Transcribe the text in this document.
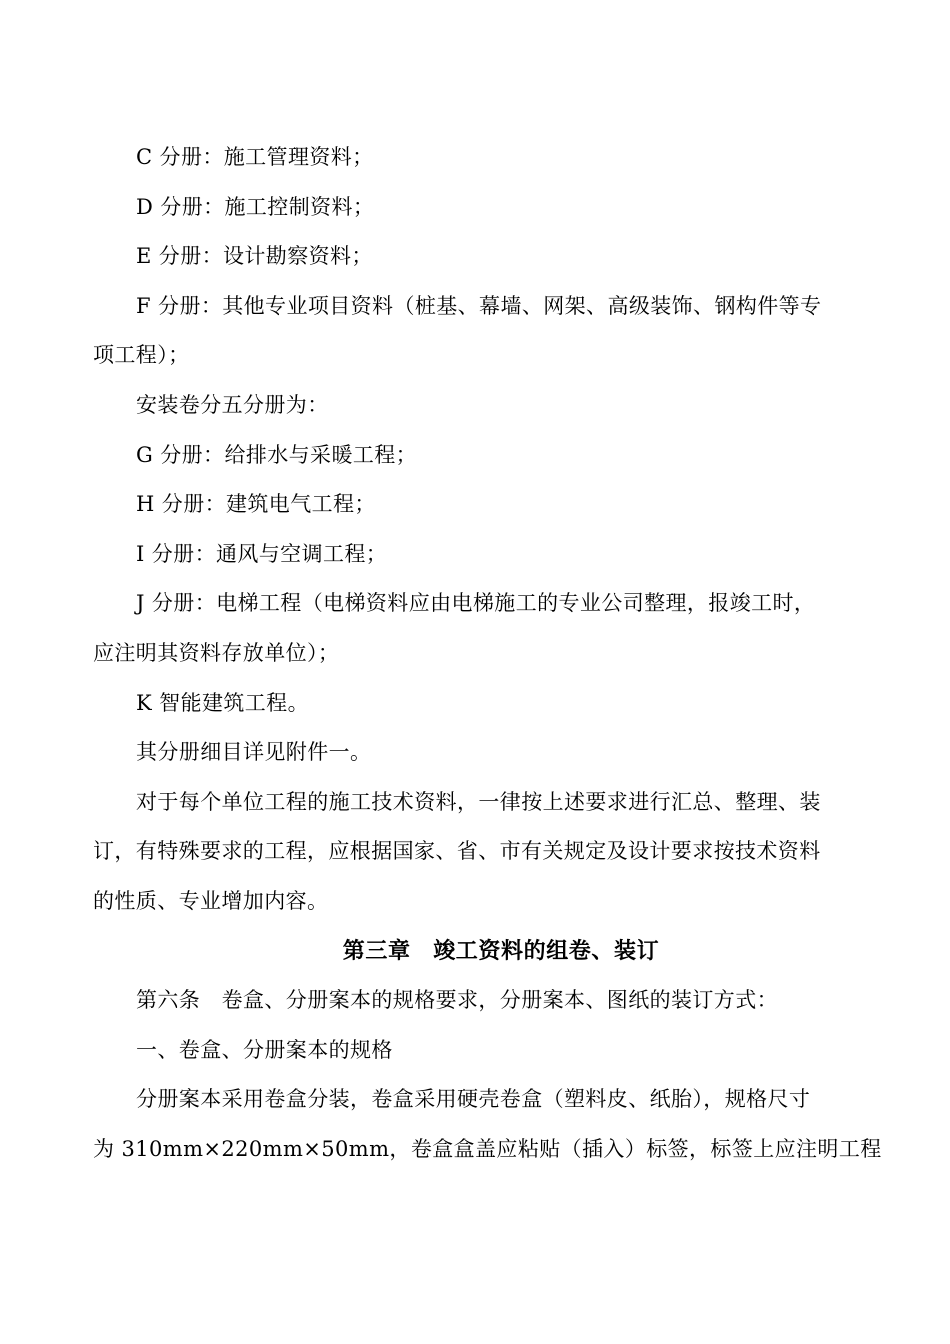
C 分册：施工管理资料；

D 分册：施工控制资料；

E 分册：设计勘察资料；

F 分册：其他专业项目资料（桩基、幕墙、网架、高级装饰、钢构件等专

项工程）；

安装卷分五分册为：

G 分册：给排水与采暖工程；

H 分册：建筑电气工程；

I 分册：通风与空调工程；

J 分册：电梯工程（电梯资料应由电梯施工的专业公司整理，报竣工时，

应注明其资料存放单位）；

K 智能建筑工程。

其分册细目详见附件一。

对于每个单位工程的施工技术资料，一律按上述要求进行汇总、整理、装

订，有特殊要求的工程，应根据国家、省、市有关规定及设计要求按技术资料

的性质、专业增加内容。

第三章　竣工资料的组卷、装订

第六条　卷盒、分册案本的规格要求，分册案本、图纸的装订方式：

一、卷盒、分册案本的规格

分册案本采用卷盒分装，卷盒采用硬壳卷盒（塑料皮、纸胎），规格尺寸

为 310mm×220mm×50mm，卷盒盒盖应粘贴（插入）标签，标签上应注明工程
